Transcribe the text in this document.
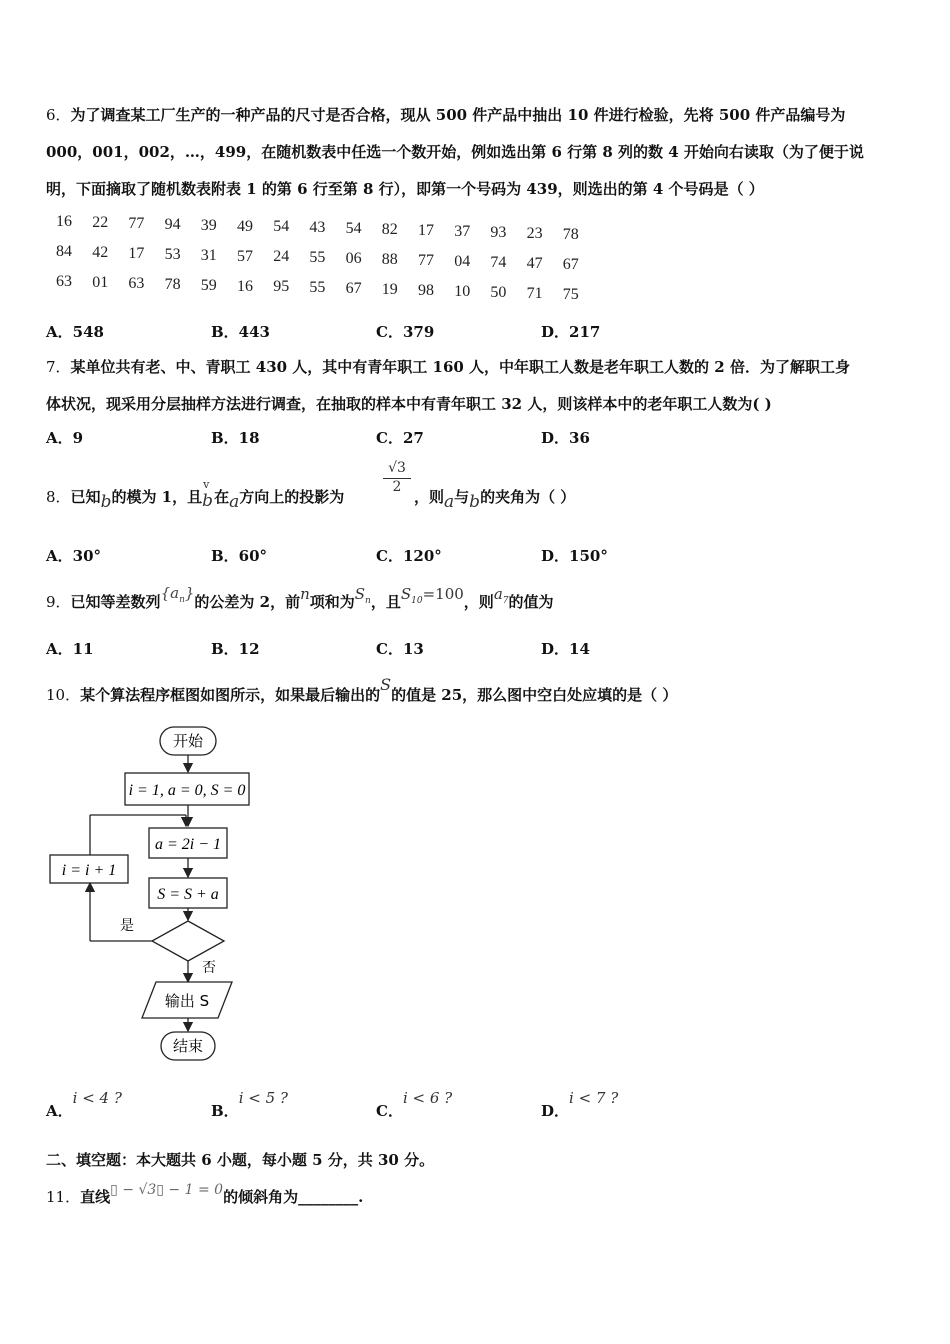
6．为了调查某工厂生产的一种产品的尺寸是否合格，现从 500 件产品中抽出 10 件进行检验，先将 500 件产品编号为
000，001，002，…，499，在随机数表中任选一个数开始，例如选出第 6 行第 8 列的数 4 开始向右读取（为了便于说
明，下面摘取了随机数表附表 1 的第 6 行至第 8 行），即第一个号码为 439，则选出的第 4 个号码是（ ）
16 22 77 94 39 49 54 43 54 82 17 37 93 23 78
84 42 17 53 31 57 24 55 06 88 77 04 74 47 67
63 01 63 78 59 16 95 55 67 19 98 10 50 71 75
A．548	B．443	C．379	D．217
7．某单位共有老、中、青职工 430 人，其中有青年职工 160 人，中年职工人数是老年职工人数的 2 倍．为了解职工身
体状况，现采用分层抽样方法进行调查，在抽取的样本中有青年职工 32 人，则该样本中的老年职工人数为( )
A．9	B．18	C．27	D．36
8．已知b的模为 1，且
v
b在a方向上的投影为
√3
2
，则a与b的夹角为（ ）
A．30°	B．60°	C．120°	D．150°
9．已知等差数列$\{a_n\}$的公差为 2，前n项和为$S_n$，且$S_{10}=100$，则$a_7$的值为
A．11	B．12	C．13	D．14
10．某个算法程序框图如图所示，如果最后输出的S的值是 25，那么图中空白处应填的是（ ）
开始
i = 1, a = 0, S = 0
a = 2i − 1
S = S + a
是
i = i + 1
否
输出 S
结束
A．i < 4 ?
B．i < 5 ?
C．i < 6 ?
D．i < 7 ?
二、填空题：本大题共 6 小题，每小题 5 分，共 30 分。
11．直线▯ − √3▯ − 1 = 0的倾斜角为________.
